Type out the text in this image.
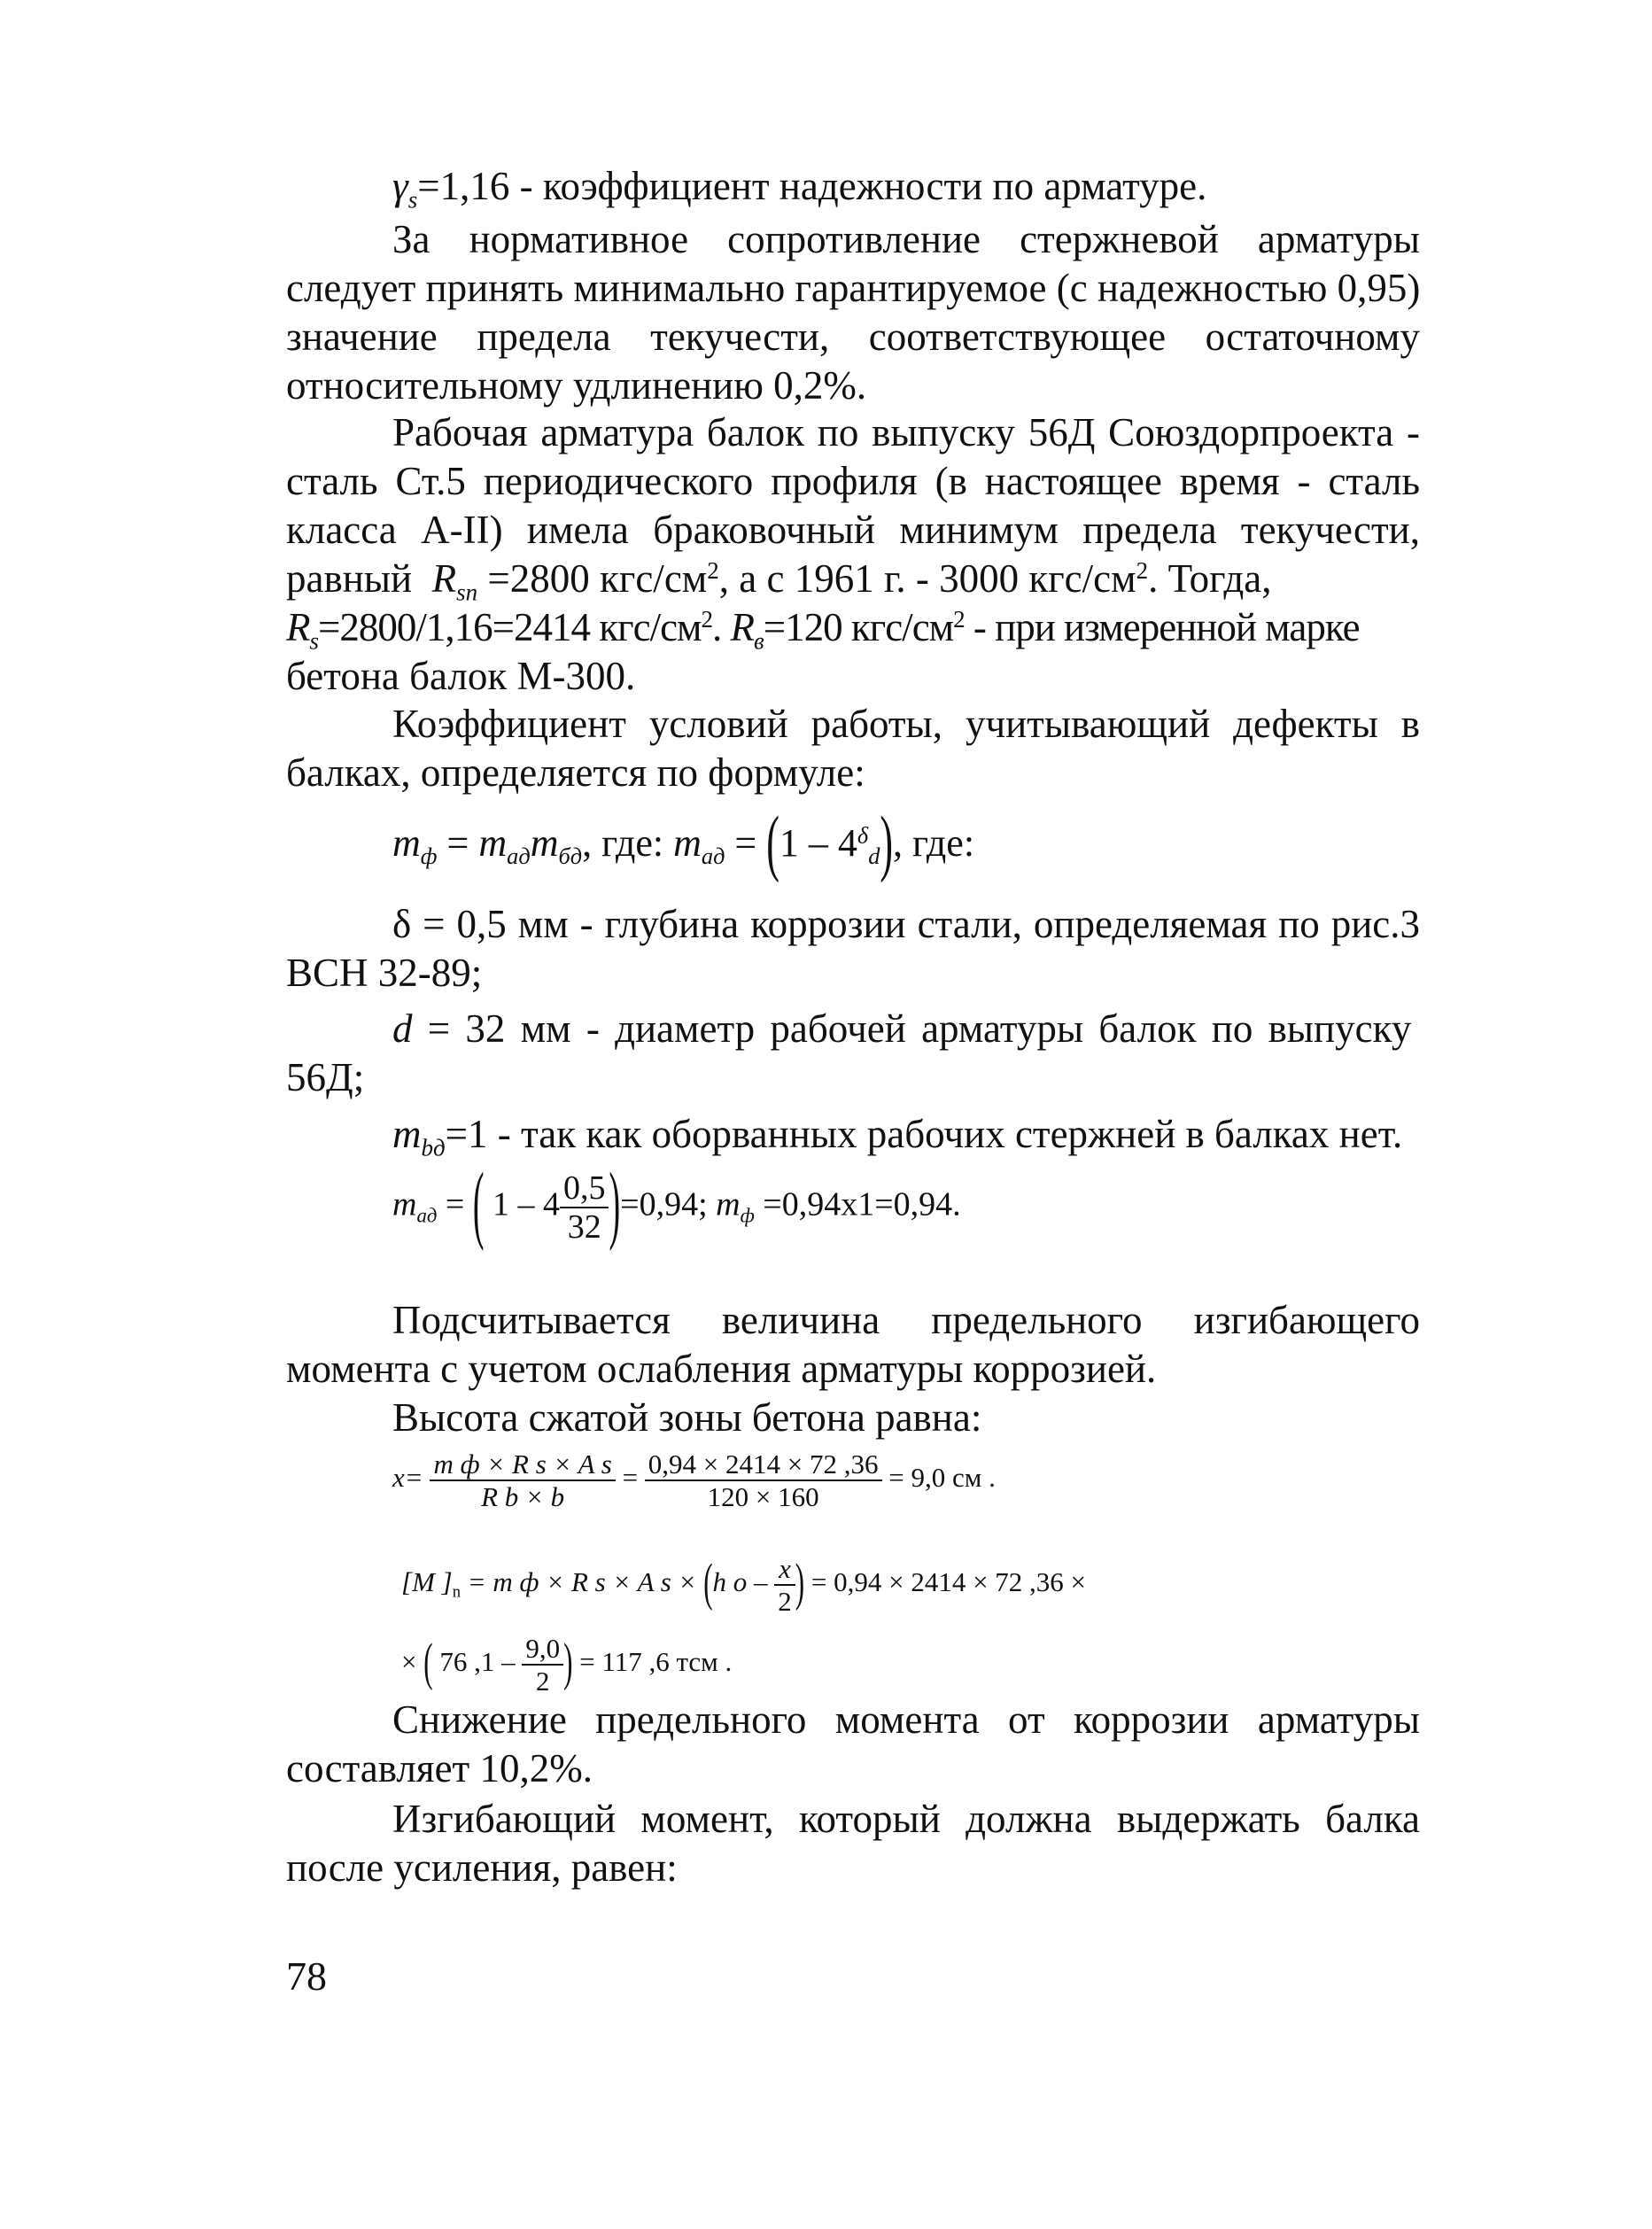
$\gamma_s=1,16$ - коэффициент надежности по арматуре.
За нормативное сопротивление стержневой арматуры
следует принять минимально гарантируемое (с надежностью 0,95)
значение предела текучести, соответствующее остаточному
относительному удлинению 0,2%.
Рабочая арматура балок по выпуску 56Д Союздорпроекта -
сталь Ст.5 периодического профиля (в настоящее время - сталь
класса А-II) имела браковочный минимум предела текучести,
равный $R_{sn} =2800$ кгс/$см^2$, а с 1961 г. - 3000 кгс/$см^2$. Тогда,
$R_s=2800/1,16=2414$ кгс/$см^2$. $R_в=120$ кгс/$см^2$ - при измеренной марке
бетона балок М-300.
Коэффициент условий работы, учитывающий дефекты в
балках, определяется по формуле:
$m_ф = m_{ад}m_{бд}$, где: $m_{ад} = (1 - 4^\delta_d)$, где:
δ = 0,5 мм - глубина коррозии стали, определяемая по рис.3
ВСН 32-89;
d = 32 мм - диаметр рабочей арматуры балок по выпуску
56Д;
$m_{bд}=1$ - так как оборванных рабочих стержней в балках нет.
$m_{ад}$ = ( $1 - 4 \frac{0,5}{32} )=0,94$; $m_ф =0,94x1=0,94$.
Подсчитывается величина предельного изгибающего
момента с учетом ослабления арматуры коррозией.
Высота сжатой зоны бетона равна:
$x= \frac{\text{m ф × R s × A s}}{\text{R b × b}} = \frac{0,94 \times 2414 \times 72 ,36}{120 \times 160} = 9,0$ см .
[M ]$_n = m$ ф × R s × A s × (h o – $\frac{x}{2}$ ) = 0,94 × 2414 × 72 ,36 ×
× ( 76 $,1 - \frac{9,0}{2}$ ) = 117 ,6 тсм .
Снижение предельного момента от коррозии арматуры
составляет 10,2%.
Изгибающий момент, который должна выдержать балка
после усиления, равен:
78
